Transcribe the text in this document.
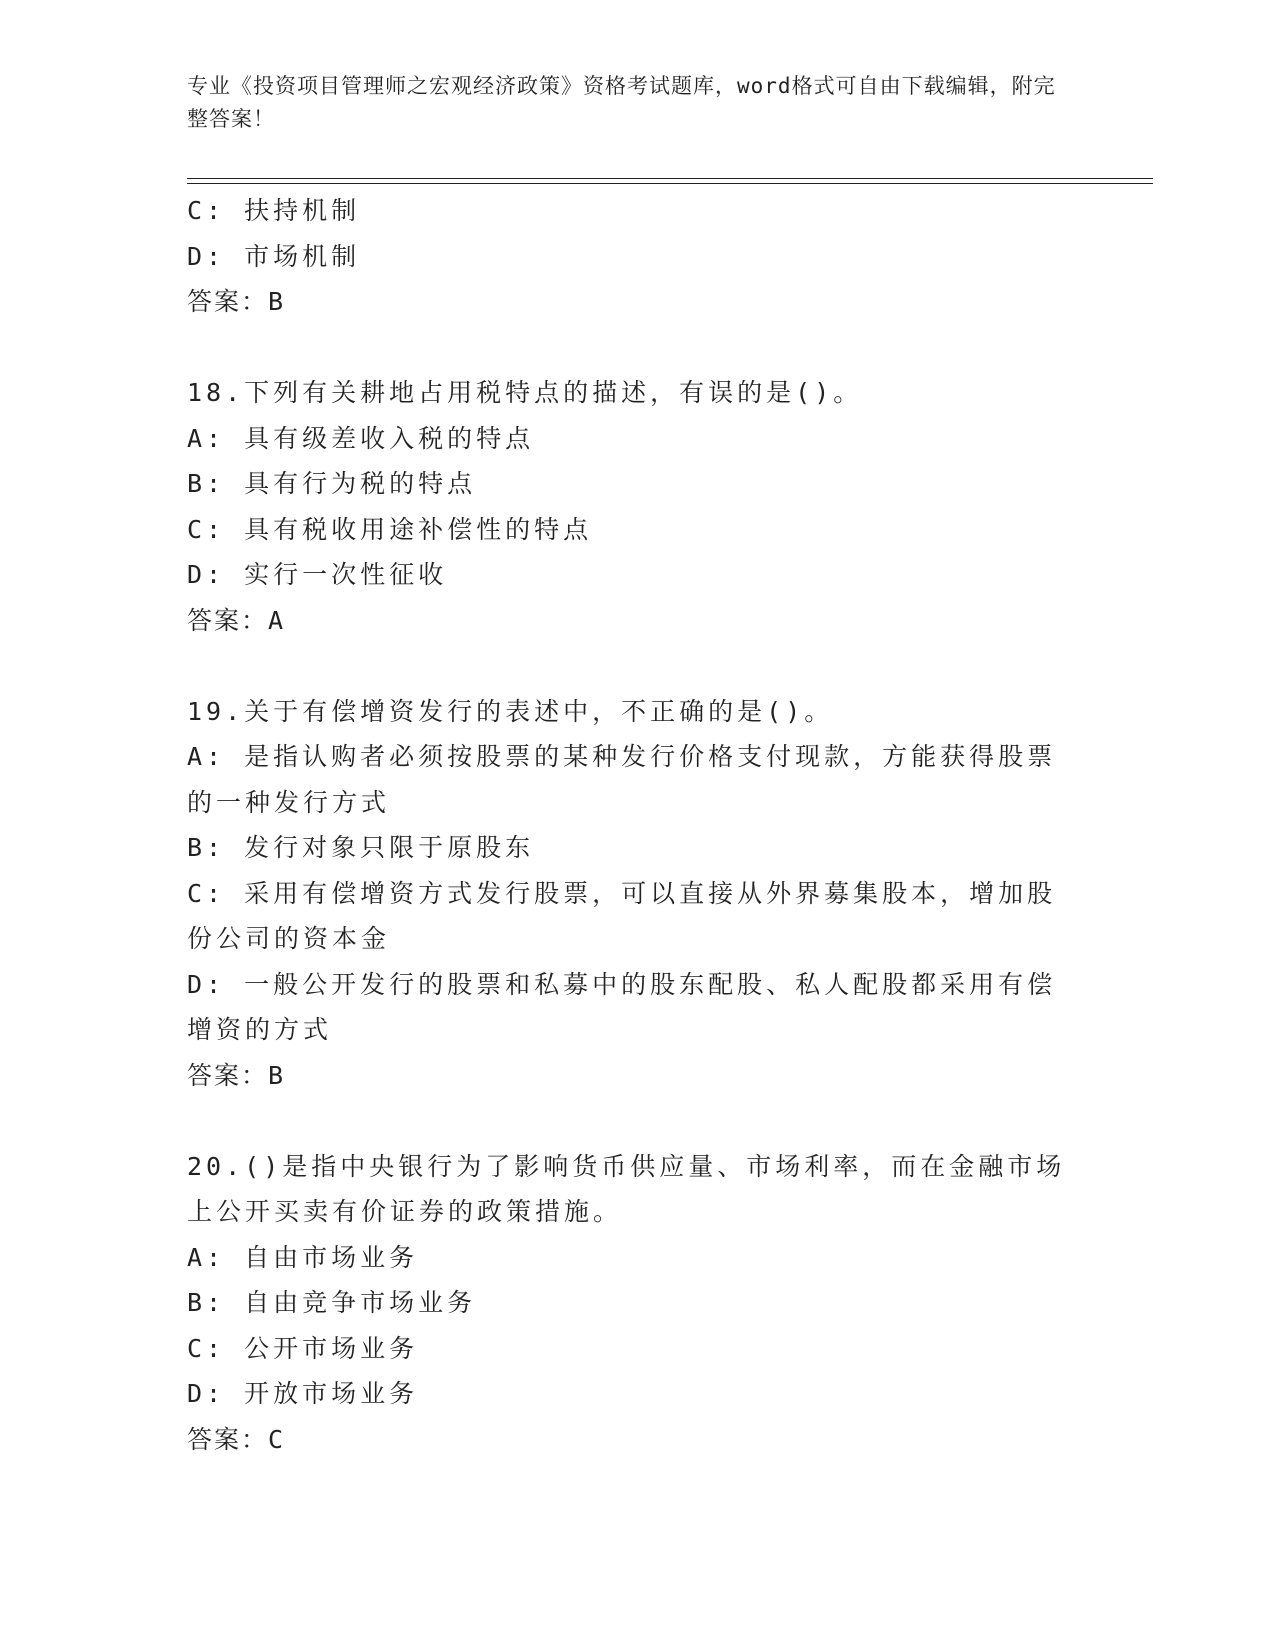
专业《投资项目管理师之宏观经济政策》资格考试题库，word格式可自由下载编辑，附完整答案！
C: 扶持机制
D: 市场机制
答案：B
18.下列有关耕地占用税特点的描述，有误的是()。
A: 具有级差收入税的特点
B: 具有行为税的特点
C: 具有税收用途补偿性的特点
D: 实行一次性征收
答案：A
19.关于有偿增资发行的表述中，不正确的是()。
A: 是指认购者必须按股票的某种发行价格支付现款，方能获得股票的一种发行方式
B: 发行对象只限于原股东
C: 采用有偿增资方式发行股票，可以直接从外界募集股本，增加股份公司的资本金
D: 一般公开发行的股票和私募中的股东配股、私人配股都采用有偿增资的方式
答案：B
20.()是指中央银行为了影响货币供应量、市场利率，而在金融市场上公开买卖有价证券的政策措施。
A: 自由市场业务
B: 自由竞争市场业务
C: 公开市场业务
D: 开放市场业务
答案：C
